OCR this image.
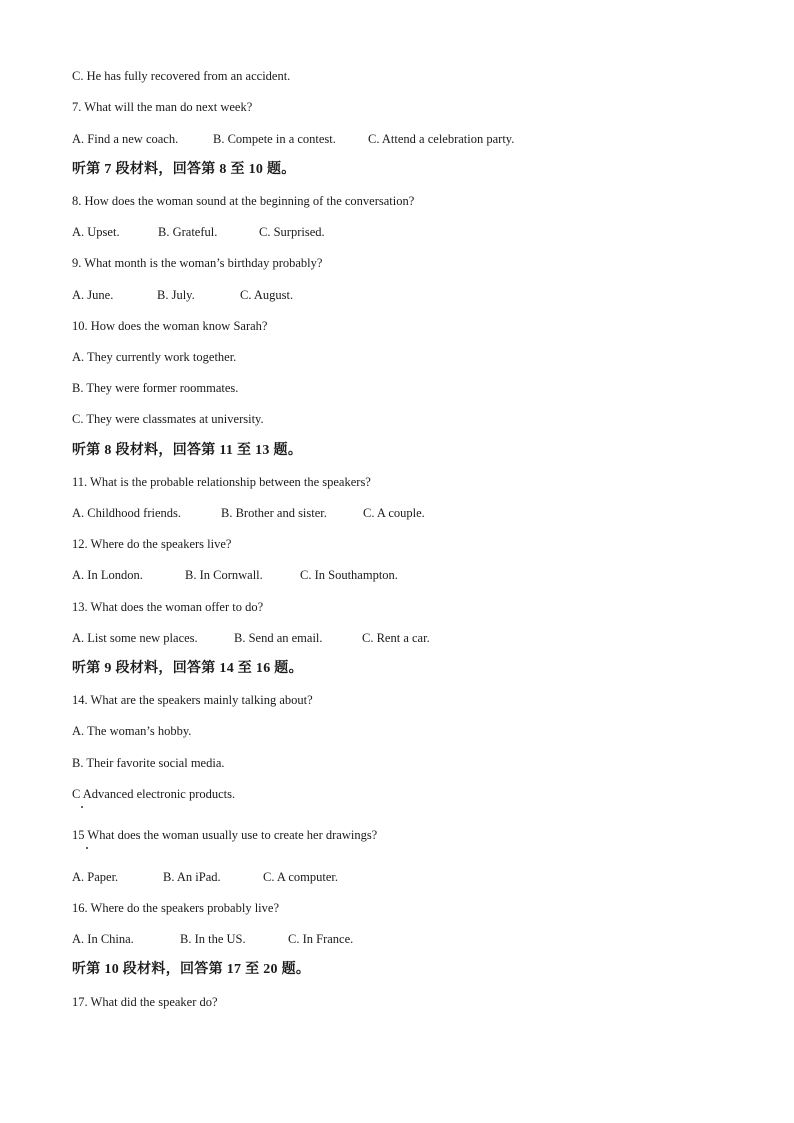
C. He has fully recovered from an accident.
7. What will the man do next week?
A. Find a new coach.	B. Compete in a contest.	C. Attend a celebration party.
听第 7 段材料，回答第 8 至 10 题。
8. How does the woman sound at the beginning of the conversation?
A. Upset.	B. Grateful.	C. Surprised.
9. What month is the woman’s birthday probably?
A. June.	B. July.	C. August.
10. How does the woman know Sarah?
A. They currently work together.
B. They were former roommates.
C. They were classmates at university.
听第 8 段材料，回答第 11 至 13 题。
11. What is the probable relationship between the speakers?
A. Childhood friends.	B. Brother and sister.	C. A couple.
12. Where do the speakers live?
A. In London.	B. In Cornwall.	C. In Southampton.
13. What does the woman offer to do?
A. List some new places.	B. Send an email.	C. Rent a car.
听第 9 段材料，回答第 14 至 16 题。
14. What are the speakers mainly talking about?
A. The woman’s hobby.
B. Their favorite social media.
C Advanced electronic products.
15 What does the woman usually use to create her drawings?
A. Paper.	B. An iPad.	C. A computer.
16. Where do the speakers probably live?
A. In China.	B. In the US.	C. In France.
听第 10 段材料，回答第 17 至 20 题。
17. What did the speaker do?
